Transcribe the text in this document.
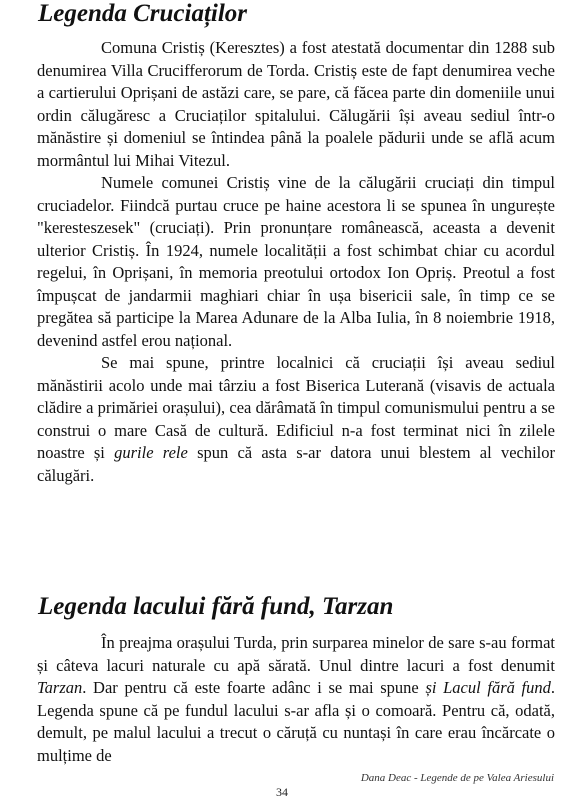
Legenda Cruciaților

Comuna Cristiș (Keresztes) a fost atestată documentar din 1288 sub denumirea Villa Crucifferorum de Torda. Cristiș este de fapt denumirea veche a cartierului Oprișani de astăzi care, se pare, că făcea parte din domeniile unui ordin călugăresc a Cruciaților spitalului. Călugării își aveau sediul într-o mănăstire și domeniul se întindea până la poalele pădurii unde se află acum mormântul lui Mihai Vitezul.

Numele comunei Cristiș vine de la călugării cruciați din timpul cruciadelor. Fiindcă purtau cruce pe haine acestora li se spunea în ungurește "keresteszesek" (cruciați). Prin pronunțare românească, aceasta a devenit ulterior Cristiș. În 1924, numele localității a fost schimbat chiar cu acordul regelui, în Oprișani, în memoria preotului ortodox Ion Opriș. Preotul a fost împușcat de jandarmii maghiari chiar în ușa bisericii sale, în timp ce se pregătea să participe la Marea Adunare de la Alba Iulia, în 8 noiembrie 1918, devenind astfel erou național.

Se mai spune, printre localnici că cruciații își aveau sediul mănăstirii acolo unde mai târziu a fost Biserica Luterană (visavis de actuala clădire a primăriei orașului), cea dărâmată în timpul comunismului pentru a se construi o mare Casă de cultură. Edificiul n-a fost terminat nici în zilele noastre și gurile rele spun că asta s-ar datora unui blestem al vechilor călugări.

Legenda lacului fără fund, Tarzan

În preajma orașului Turda, prin surparea minelor de sare s-au format și câteva lacuri naturale cu apă sărată. Unul dintre lacuri a fost denumit Tarzan. Dar pentru că este foarte adânc i se mai spune și Lacul fără fund. Legenda spune că pe fundul lacului s-ar afla și o comoară. Pentru că, odată, demult, pe malul lacului a trecut o căruță cu nuntași în care erau încărcate o mulțime de

Dana Deac - Legende de pe Valea Ariesului
34
